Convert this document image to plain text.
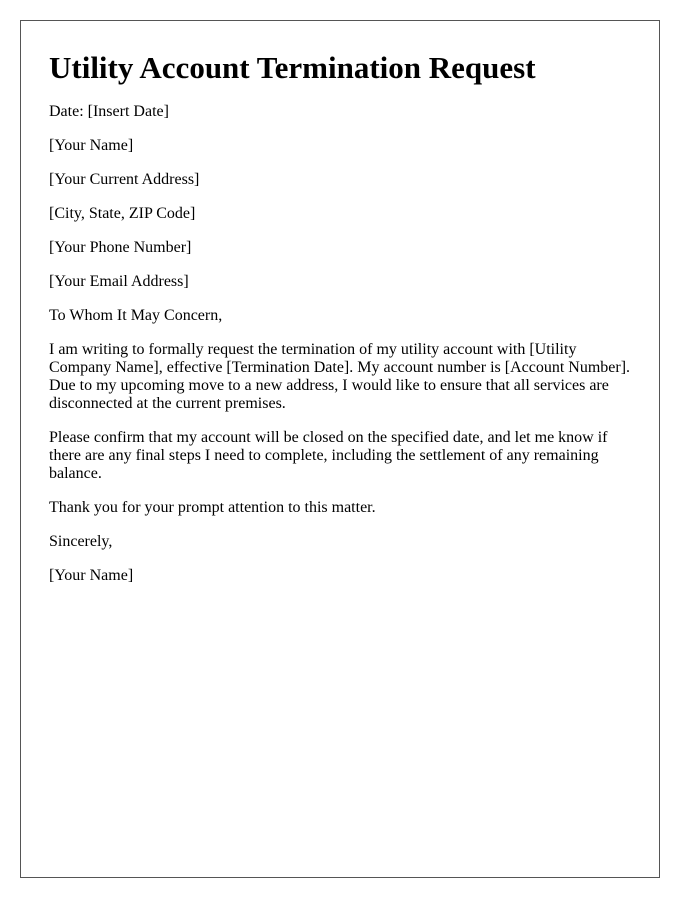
Utility Account Termination Request

Date: [Insert Date]

[Your Name]

[Your Current Address]

[City, State, ZIP Code]

[Your Phone Number]

[Your Email Address]

To Whom It May Concern,

I am writing to formally request the termination of my utility account with [Utility Company Name], effective [Termination Date]. My account number is [Account Number]. Due to my upcoming move to a new address, I would like to ensure that all services are disconnected at the current premises.

Please confirm that my account will be closed on the specified date, and let me know if there are any final steps I need to complete, including the settlement of any remaining balance.

Thank you for your prompt attention to this matter.

Sincerely,

[Your Name]
